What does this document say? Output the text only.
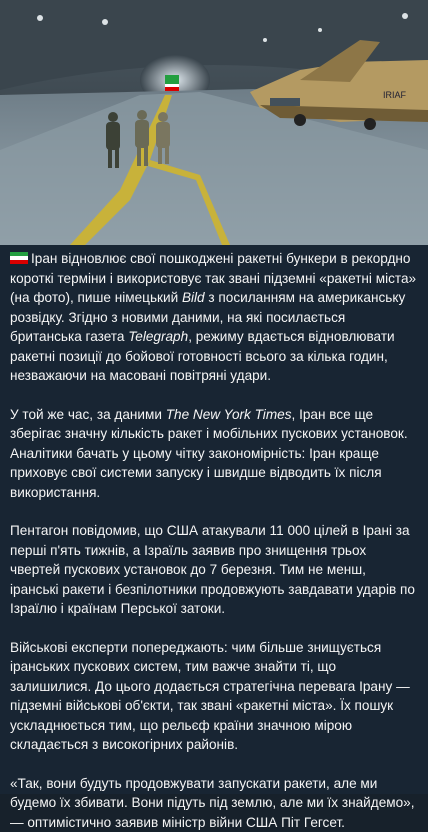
IRIAF

Іран відновлює свої пошкоджені ракетні бункери в рекордно короткі терміни і використовує так звані підземні «ракетні міста» (на фото), пише німецький Bild з посиланням на американську розвідку. Згідно з новими даними, на які посилається британська газета Telegraph, режиму вдається відновлювати ракетні позиції до бойової готовності всього за кілька годин, незважаючи на масовані повітряні удари.

У той же час, за даними The New York Times, Іран все ще зберігає значну кількість ракет і мобільних пускових установок. Аналітики бачать у цьому чітку закономірність: Іран краще приховує свої системи запуску і швидше відводить їх після використання.

Пентагон повідомив, що США атакували 11 000 цілей в Ірані за перші п'ять тижнів, а Ізраїль заявив про знищення трьох чвертей пускових установок до 7 березня. Тим не менш, іранські ракети і безпілотники продовжують завдавати ударів по Ізраїлю і країнам Перської затоки.

Військові експерти попереджають: чим більше знищується іранських пускових систем, тим важче знайти ті, що залишилися. До цього додається стратегічна перевага Ірану — підземні військові об'єкти, так звані «ракетні міста». Їх пошук ускладнюється тим, що рельєф країни значною мірою складається з високогірних районів.

«Так, вони будуть продовжувати запускати ракети, але ми будемо їх збивати. Вони підуть під землю, але ми їх знайдемо», — оптимістично заявив міністр війни США Піт Гегсет.
